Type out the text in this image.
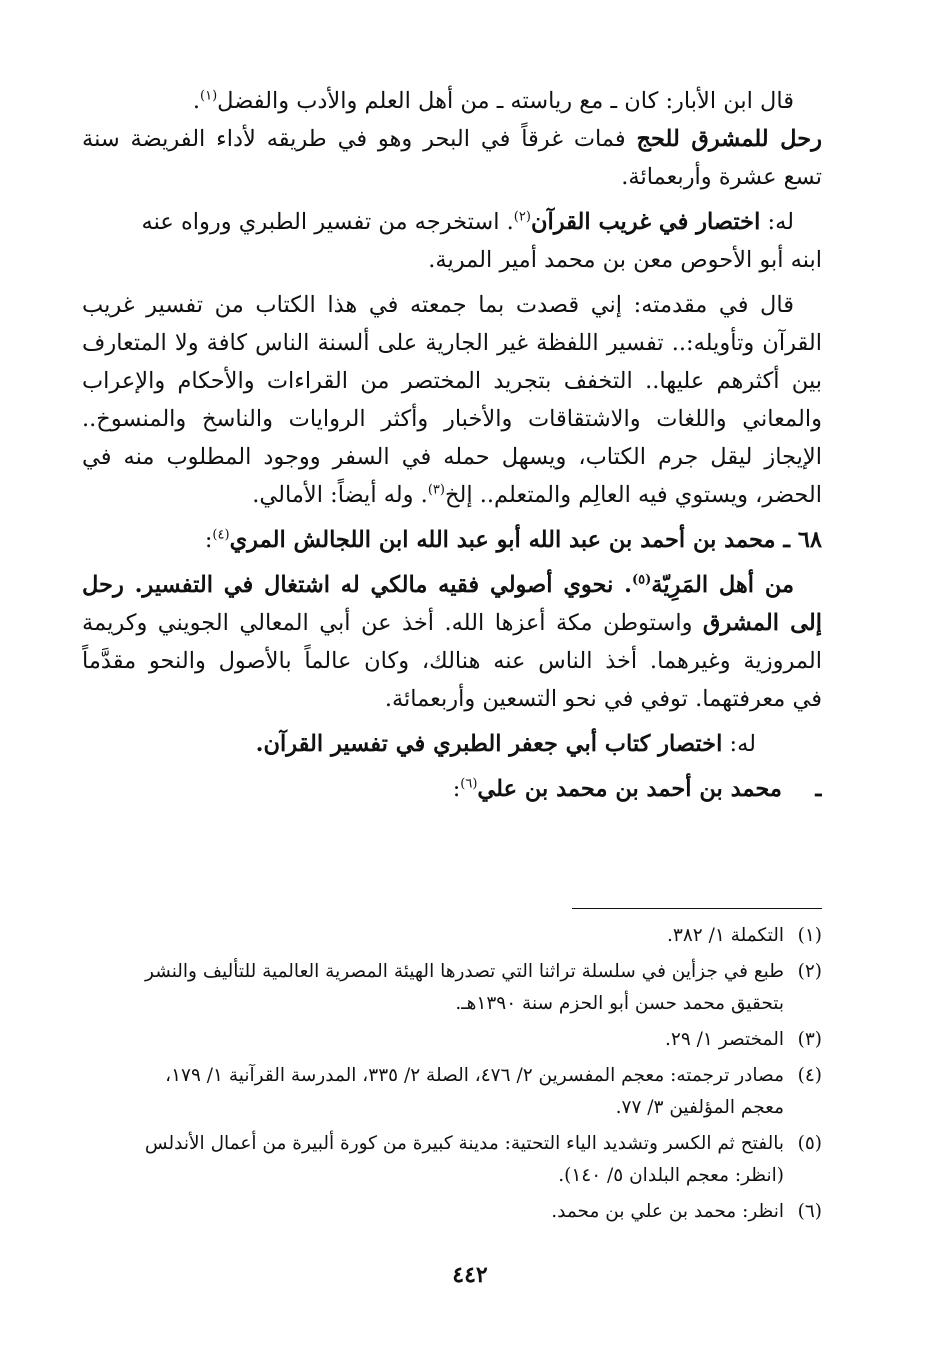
قال ابن الأبار: كان ـ مع رياسته ـ من أهل العلم والأدب والفضل$^{(١)}$.
رحل للمشرق للحج فمات غرقاً في البحر وهو في طريقه لأداء الفريضة سنة
تسع عشرة وأربعمائة.
له: اختصار في غريب القرآن$^{(٢)}$. استخرجه من تفسير الطبري ورواه عنه
ابنه أبو الأحوص معن بن محمد أمير المرية.
قال في مقدمته: إني قصدت بما جمعته في هذا الكتاب من تفسير غريب
القرآن وتأويله:.. تفسير اللفظة غير الجارية على ألسنة الناس كافة ولا المتعارف
بين أكثرهم عليها.. التخفف بتجريد المختصر من القراءات والأحكام والإعراب
والمعاني واللغات والاشتقاقات والأخبار وأكثر الروايات والناسخ والمنسوخ..
الإيجاز ليقل جرم الكتاب، ويسهل حمله في السفر ووجود المطلوب منه في
الحضر، ويستوي فيه العالِم والمتعلم.. إلخ$^{(٣)}$. وله أيضاً: الأمالي.
٦٨ ـ محمد بن أحمد بن عبد الله أبو عبد الله ابن اللجالش المري$^{(٤)}$:
من أهل المَرِيّة$^{(٥)}$. نحوي أصولي فقيه مالكي له اشتغال في التفسير. رحل
إلى المشرق واستوطن مكة أعزها الله. أخذ عن أبي المعالي الجويني وكريمة
المروزية وغيرهما. أخذ الناس عنه هنالك، وكان عالماً بالأصول والنحو مقدَّماً
في معرفتهما. توفي في نحو التسعين وأربعمائة.
له: اختصار كتاب أبي جعفر الطبري في تفسير القرآن.
ـمحمد بن أحمد بن محمد بن علي$^{(٦)}$:
(١)
التكملة ١/ ٣٨٢.
(٢)
طبع في جزأين في سلسلة تراثنا التي تصدرها الهيئة المصرية العالمية للتأليف والنشر
بتحقيق محمد حسن أبو الحزم سنة ١٣٩٠هـ.
(٣)
المختصر ١/ ٢٩.
(٤)
مصادر ترجمته: معجم المفسرين ٢/ ٤٧٦، الصلة ٢/ ٣٣٥، المدرسة القرآنية ١/ ١٧٩،
معجم المؤلفين ٣/ ٧٧.
(٥)
بالفتح ثم الكسر وتشديد الياء التحتية: مدينة كبيرة من كورة ألبيرة من أعمال الأندلس
(انظر: معجم البلدان ٥/ ١٤٠).
(٦)
انظر: محمد بن علي بن محمد.
٤٤٢
